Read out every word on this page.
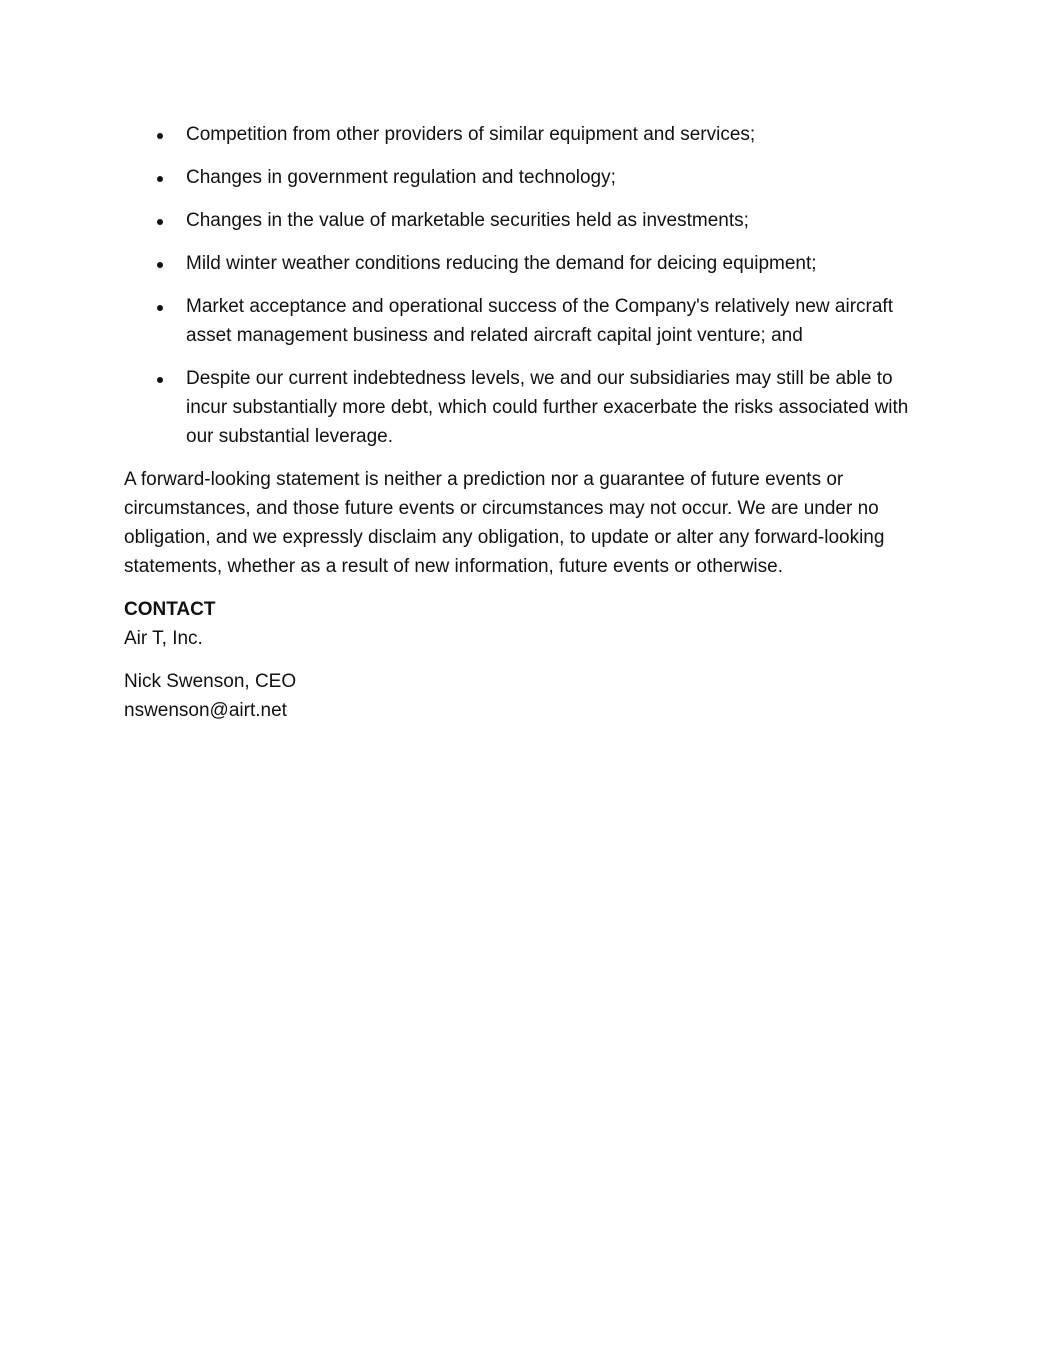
Competition from other providers of similar equipment and services;
Changes in government regulation and technology;
Changes in the value of marketable securities held as investments;
Mild winter weather conditions reducing the demand for deicing equipment;
Market acceptance and operational success of the Company's relatively new aircraft asset management business and related aircraft capital joint venture; and
Despite our current indebtedness levels, we and our subsidiaries may still be able to incur substantially more debt, which could further exacerbate the risks associated with our substantial leverage.

A forward-looking statement is neither a prediction nor a guarantee of future events or circumstances, and those future events or circumstances may not occur. We are under no obligation, and we expressly disclaim any obligation, to update or alter any forward-looking statements, whether as a result of new information, future events or otherwise.

CONTACT
Air T, Inc.
Nick Swenson, CEO
nswenson@airt.net
